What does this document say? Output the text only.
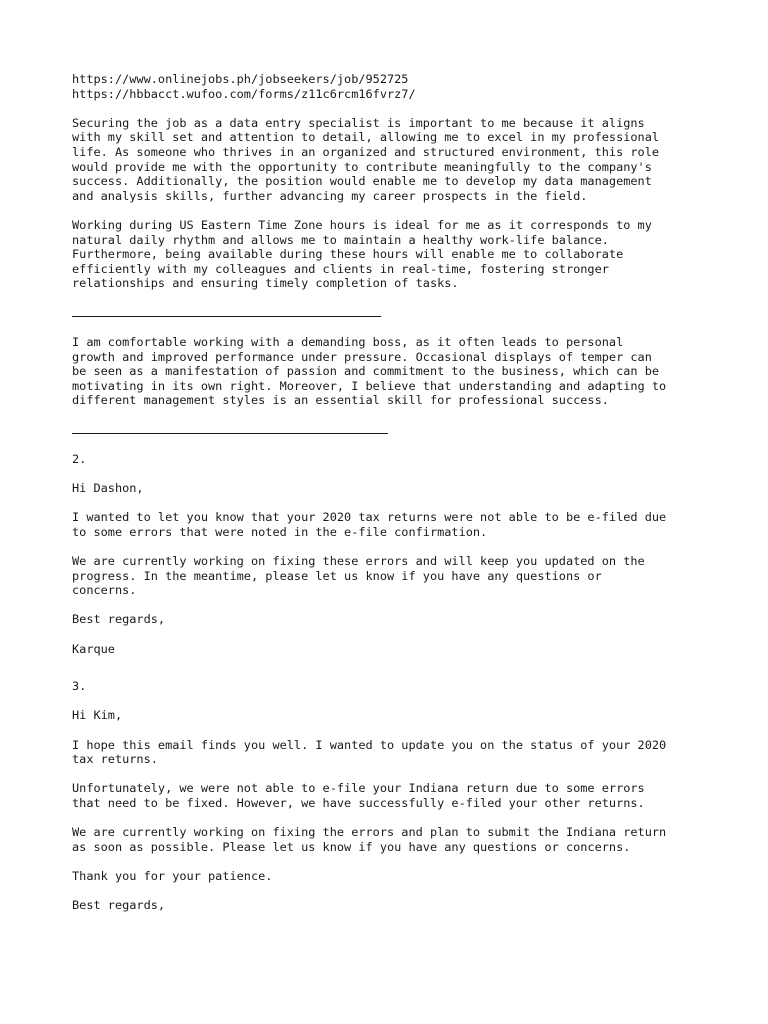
https://www.onlinejobs.ph/jobseekers/job/952725
https://hbbacct.wufoo.com/forms/z11c6rcm16fvrz7/
Securing the job as a data entry specialist is important to me because it aligns
with my skill set and attention to detail, allowing me to excel in my professional
life. As someone who thrives in an organized and structured environment, this role
would provide me with the opportunity to contribute meaningfully to the company's
success. Additionally, the position would enable me to develop my data management
and analysis skills, further advancing my career prospects in the field.
Working during US Eastern Time Zone hours is ideal for me as it corresponds to my
natural daily rhythm and allows me to maintain a healthy work-life balance.
Furthermore, being available during these hours will enable me to collaborate
efficiently with my colleagues and clients in real-time, fostering stronger
relationships and ensuring timely completion of tasks.
I am comfortable working with a demanding boss, as it often leads to personal
growth and improved performance under pressure. Occasional displays of temper can
be seen as a manifestation of passion and commitment to the business, which can be
motivating in its own right. Moreover, I believe that understanding and adapting to
different management styles is an essential skill for professional success.
2.
Hi Dashon,
I wanted to let you know that your 2020 tax returns were not able to be e-filed due
to some errors that were noted in the e-file confirmation.
We are currently working on fixing these errors and will keep you updated on the
progress. In the meantime, please let us know if you have any questions or
concerns.
Best regards,
Karque
3.
Hi Kim,
I hope this email finds you well. I wanted to update you on the status of your 2020
tax returns.
Unfortunately, we were not able to e-file your Indiana return due to some errors
that need to be fixed. However, we have successfully e-filed your other returns.
We are currently working on fixing the errors and plan to submit the Indiana return
as soon as possible. Please let us know if you have any questions or concerns.
Thank you for your patience.
Best regards,
